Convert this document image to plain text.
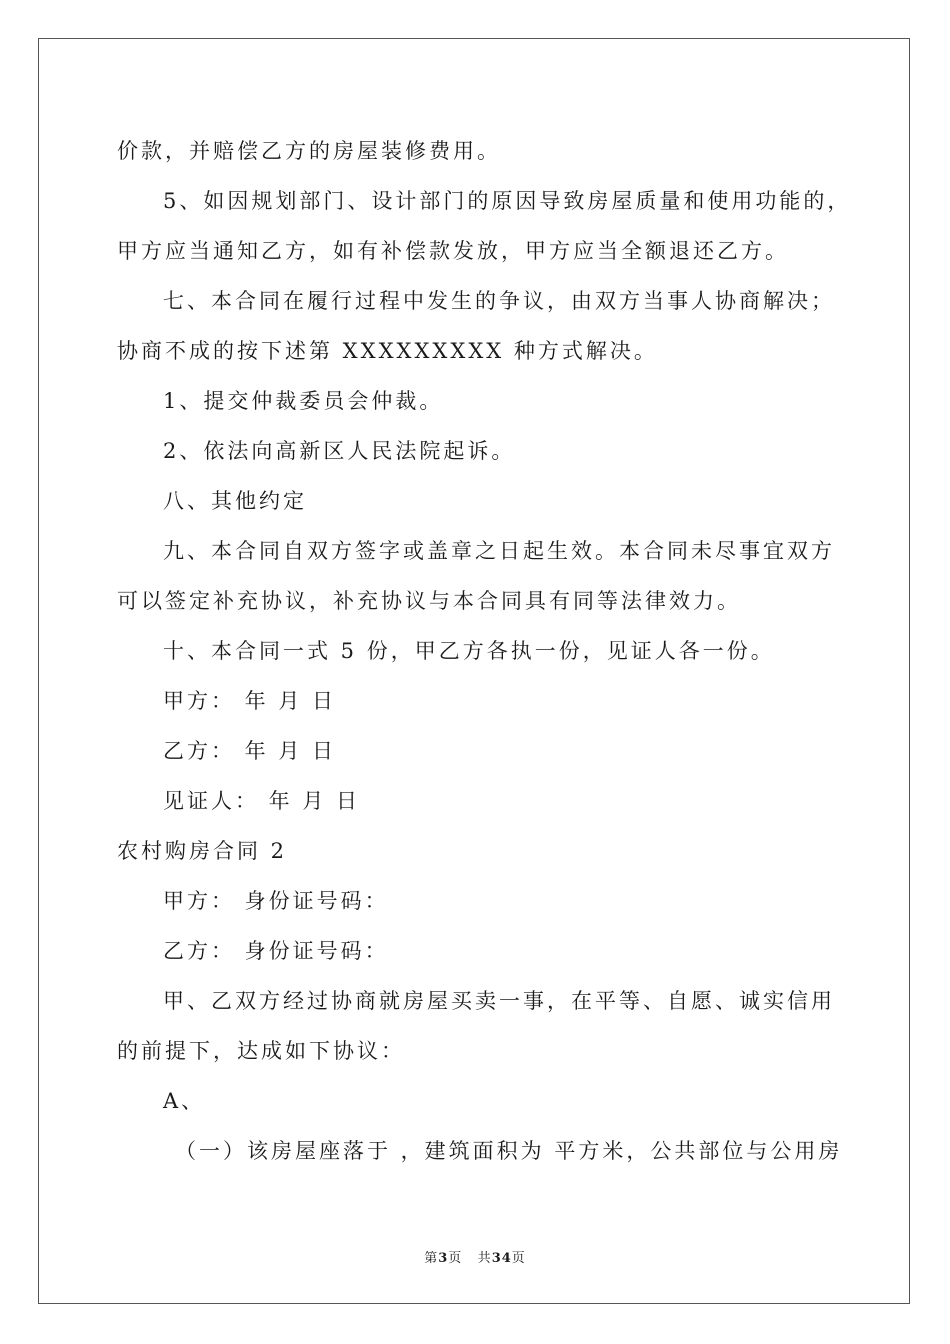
价款，并赔偿乙方的房屋装修费用。

5、如因规划部门、设计部门的原因导致房屋质量和使用功能的，

甲方应当通知乙方，如有补偿款发放，甲方应当全额退还乙方。

七、本合同在履行过程中发生的争议，由双方当事人协商解决；

协商不成的按下述第 XXXXXXXXX 种方式解决。

1、提交仲裁委员会仲裁。

2、依法向高新区人民法院起诉。

八、其他约定

九、本合同自双方签字或盖章之日起生效。本合同未尽事宜双方

可以签定补充协议，补充协议与本合同具有同等法律效力。

十、本合同一式 5 份，甲乙方各执一份，见证人各一份。

甲方： 年 月 日

乙方： 年 月 日

见证人： 年 月 日

农村购房合同 2

甲方： 身份证号码：

乙方： 身份证号码：

甲、乙双方经过协商就房屋买卖一事，在平等、自愿、诚实信用

的前提下，达成如下协议：

A、

（一）该房屋座落于 ，建筑面积为 平方米，公共部位与公用房

第3页 共34页
